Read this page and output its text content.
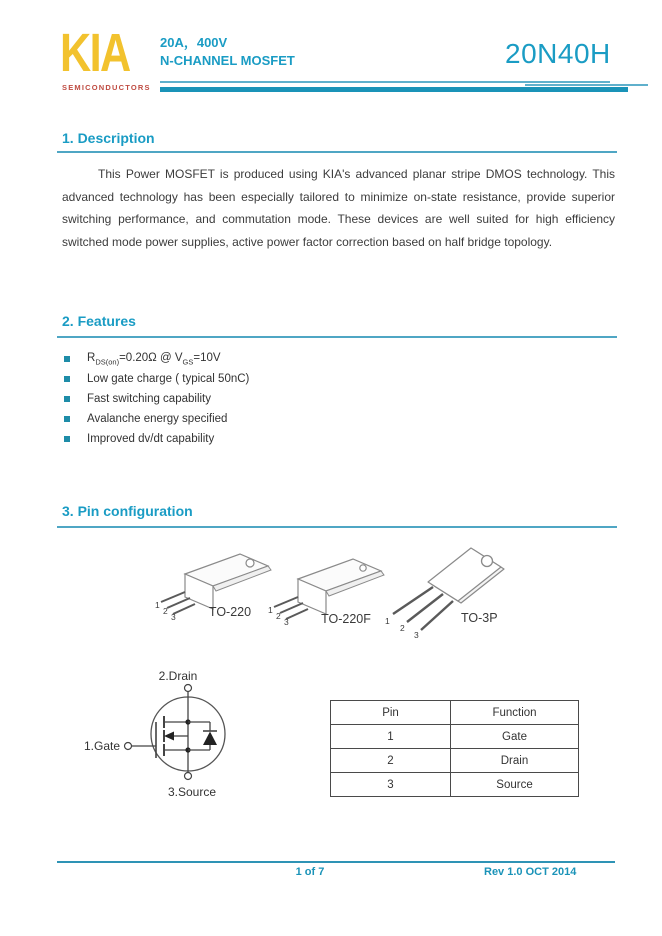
KIA
SEMICONDUCTORS
20A，400V
N-CHANNEL MOSFET	20N40H
1. Description
This Power MOSFET is produced using KIA's advanced planar stripe DMOS technology. This advanced technology has been especially tailored to minimize on-state resistance, provide superior switching performance, and commutation mode. These devices are well suited for high efficiency switched mode power supplies, active power factor correction based on half bridge topology.
2. Features
$R_{DS(on)}=0.20\Omega$ @ $V_{GS}=10V$
Low gate charge ( typical 50nC)
Fast switching capability
Avalanche energy specified
Improved dv/dt capability
3. Pin configuration
1
2
3	TO-220 1
2
3	TO-220F 1
2
3
TO-3P
2.Drain
1.Gate
3.Source
Pin	Function
1	Gate
2	Drain
3	Source
1 of 7	Rev 1.0 OCT 2014
